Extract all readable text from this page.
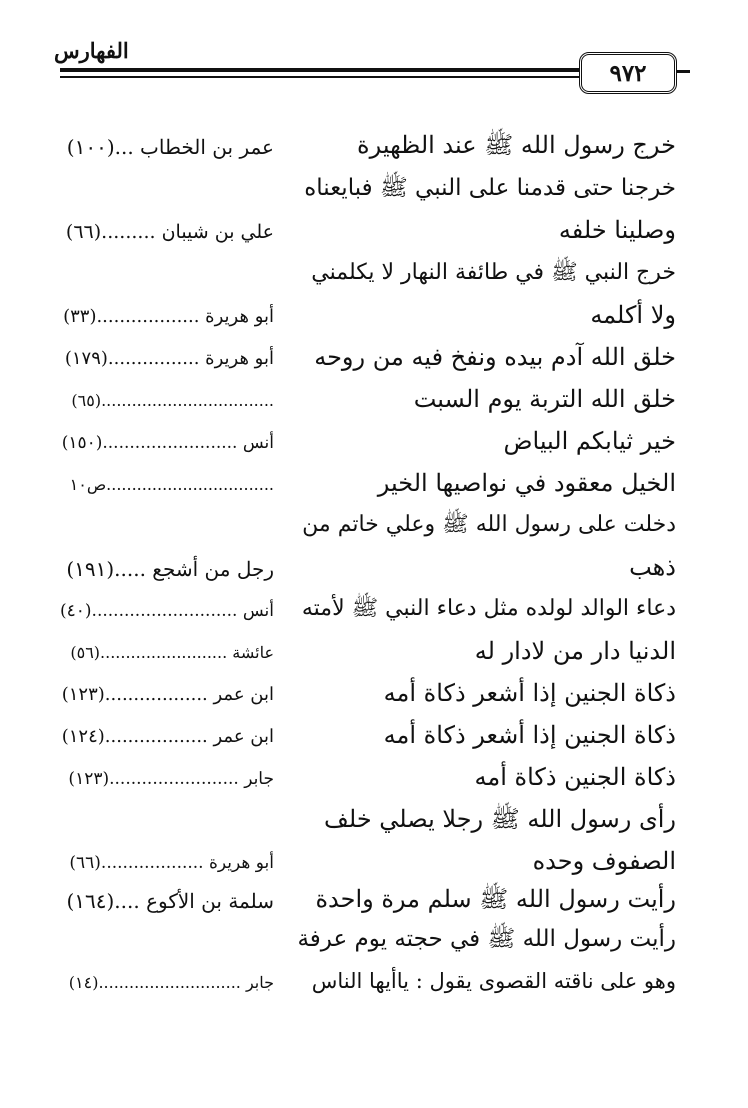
الفهارس
٩٧٢
خرج رسول الله ﷺ عند الظهيرة
عمر بن الخطاب ...(١٠٠)
خرجنا حتى قدمنا على النبي ﷺ فبايعناه
وصلينا خلفه
علي بن شيبان .........(٦٦)
خرج النبي ﷺ في طائفة النهار لا يكلمني
ولا أكلمه
أبو هريرة ..................(٣٣)
خلق الله آدم بيده ونفخ فيه من روحه
أبو هريرة ................(١٧٩)
خلق الله التربة يوم السبت
..................................(٦٥)
خير ثيابكم البياض
أنس .........................(١٥٠)
الخيل معقود في نواصيها الخير
.................................ص١٠
دخلت على رسول الله ﷺ وعلي خاتم من
ذهب
رجل من أشجع .....(١٩١)
دعاء الوالد لولده مثل دعاء النبي ﷺ لأمته
أنس ...........................(٤٠)
الدنيا دار من لادار له
عائشة .........................(٥٦)
ذكاة الجنين إذا أشعر ذكاة أمه
ابن عمر ..................(١٢٣)
ذكاة الجنين إذا أشعر ذكاة أمه
ابن عمر ..................(١٢٤)
ذكاة الجنين ذكاة أمه
جابر ........................(١٢٣)
رأى رسول الله ﷺ رجلا يصلي خلف
الصفوف وحده
أبو هريرة ...................(٦٦)
رأيت رسول الله ﷺ سلم مرة واحدة
سلمة بن الأكوع ....(١٦٤)
رأيت رسول الله ﷺ في حجته يوم عرفة
وهو على ناقته القصوى يقول : ياأيها الناس
جابر ............................(١٤)
